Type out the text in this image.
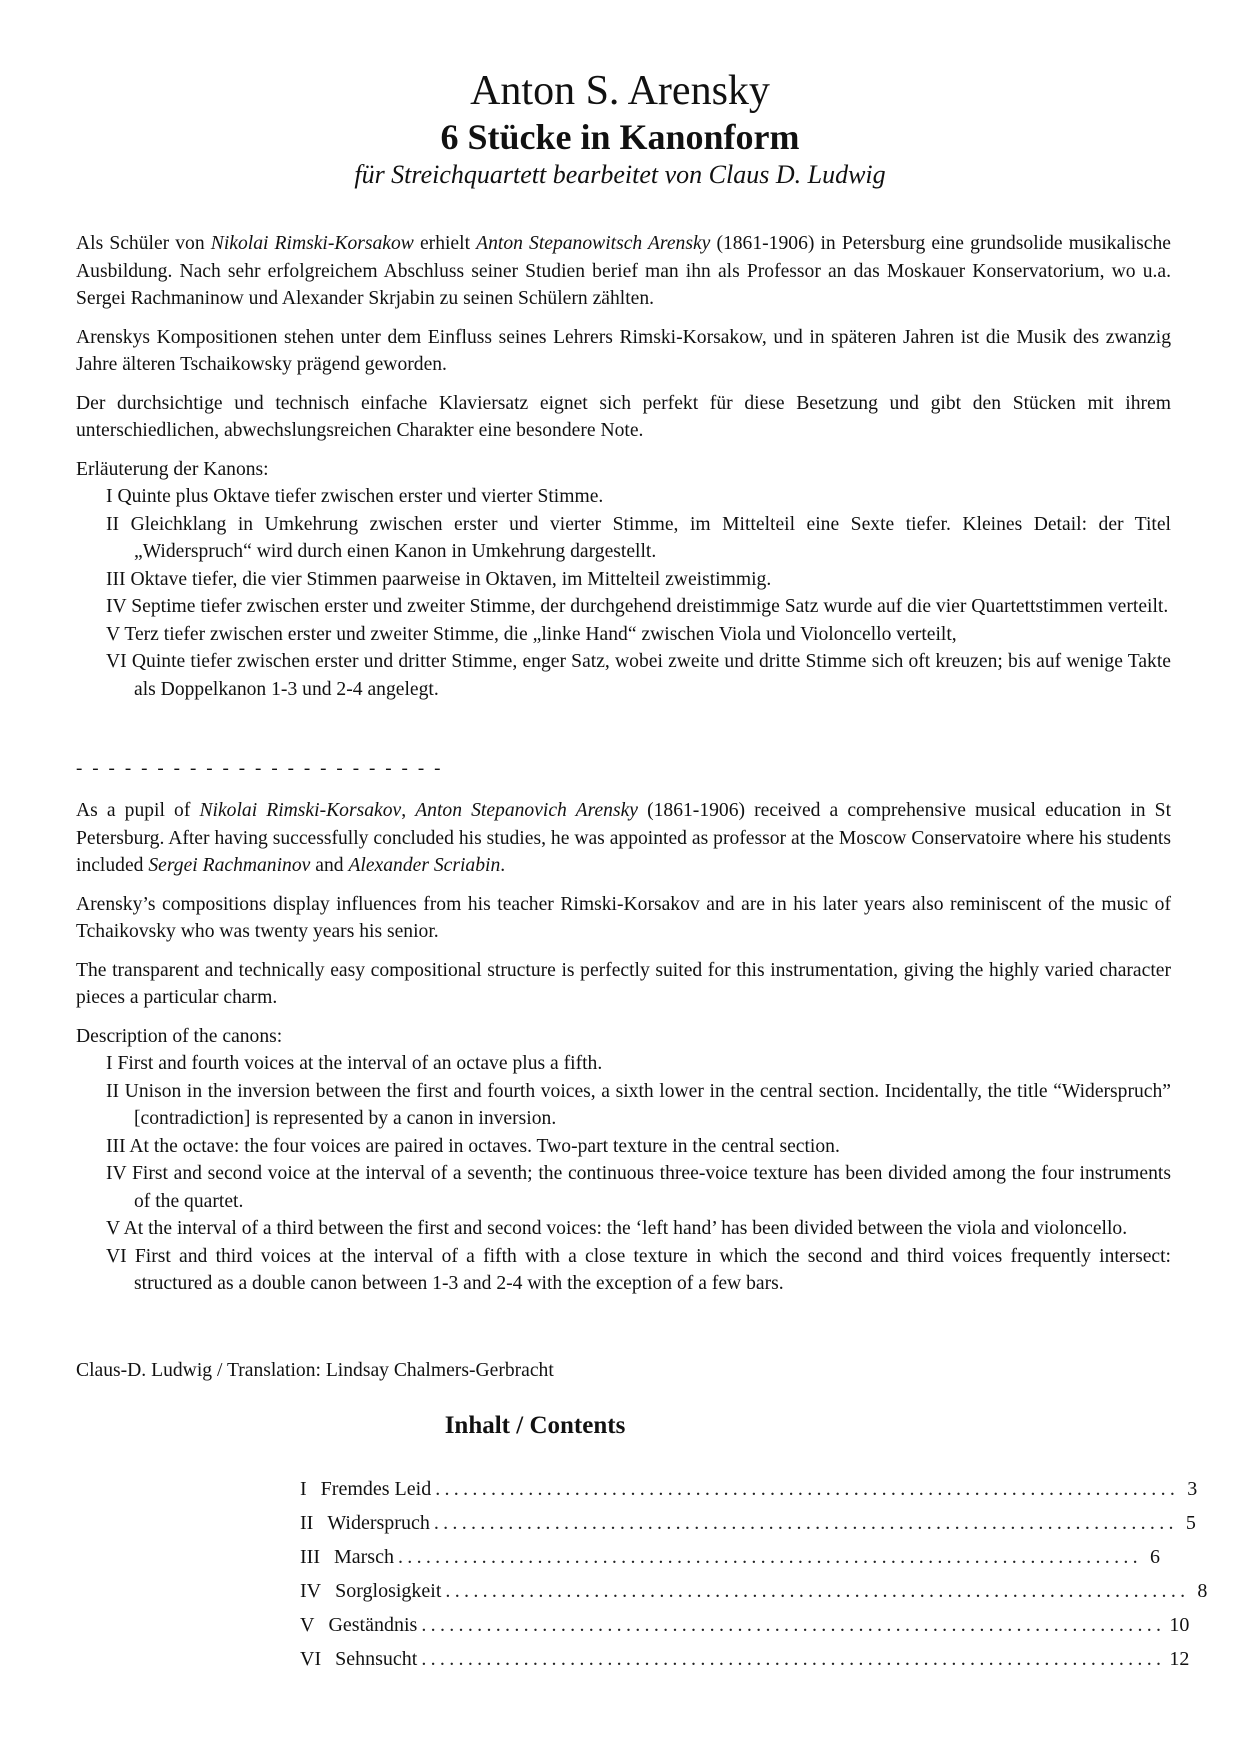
Anton S. Arensky
6 Stücke in Kanonform

für Streichquartett bearbeitet von Claus D. Ludwig

Als Schüler von Nikolai Rimski-Korsakow erhielt Anton Stepanowitsch Arensky (1861-1906) in Petersburg eine grundsolide musikalische Ausbildung. Nach sehr erfolgreichem Abschluss seiner Studien berief man ihn als Professor an das Moskauer Konservatorium, wo u.a. Sergei Rachmaninow und Alexander Skrjabin zu seinen Schülern zählten.

Arenskys Kompositionen stehen unter dem Einfluss seines Lehrers Rimski-Korsakow, und in späteren Jahren ist die Musik des zwanzig Jahre älteren Tschaikowsky prägend geworden.

Der durchsichtige und technisch einfache Klaviersatz eignet sich perfekt für diese Besetzung und gibt den Stücken mit ihrem unterschiedlichen, abwechslungsreichen Charakter eine besondere Note.

Erläuterung der Kanons:

I Quinte plus Oktave tiefer zwischen erster und vierter Stimme.
II Gleichklang in Umkehrung zwischen erster und vierter Stimme, im Mittelteil eine Sexte tiefer. Kleines Detail: der Titel „Widerspruch“ wird durch einen Kanon in Umkehrung dargestellt.
III Oktave tiefer, die vier Stimmen paarweise in Oktaven, im Mittelteil zweistimmig.
IV Septime tiefer zwischen erster und zweiter Stimme, der durchgehend dreistimmige Satz wurde auf die vier Quartettstimmen verteilt.
V Terz tiefer zwischen erster und zweiter Stimme, die „linke Hand“ zwischen Viola und Violoncello verteilt,
VI Quinte tiefer zwischen erster und dritter Stimme, enger Satz, wobei zweite und dritte Stimme sich oft kreuzen; bis auf wenige Takte als Doppelkanon 1-3 und 2-4 angelegt.
- - - - - - - - - - - - - - - - - - - - - - -

As a pupil of Nikolai Rimski-Korsakov, Anton Stepanovich Arensky (1861-1906) received a comprehensive musical education in St Petersburg. After having successfully concluded his studies, he was appointed as professor at the Moscow Conservatoire where his students included Sergei Rachmaninov and Alexander Scriabin.

Arensky’s compositions display influences from his teacher Rimski-Korsakov and are in his later years also reminiscent of the music of Tchaikovsky who was twenty years his senior.

The transparent and technically easy compositional structure is perfectly suited for this instrumentation, giving the highly varied character pieces a particular charm.

Description of the canons:

I First and fourth voices at the interval of an octave plus a fifth.
II Unison in the inversion between the first and fourth voices, a sixth lower in the central section. Incidentally, the title “Widerspruch” [contradiction] is represented by a canon in inversion.
III At the octave: the four voices are paired in octaves. Two-part texture in the central section.
IV First and second voice at the interval of a seventh; the continuous three-voice texture has been divided among the four instruments of the quartet.
V At the interval of a third between the first and second voices: the ‘left hand’ has been divided between the viola and violoncello.
VI First and third voices at the interval of a fifth with a close texture in which the second and third voices frequently intersect: structured as a double canon between 1-3 and 2-4 with the exception of a few bars.

Claus-D. Ludwig / Translation: Lindsay Chalmers-Gerbracht

Inhalt / Contents
I Fremdes Leid ................................................................................ 3
II Widerspruch ................................................................................ 5
III Marsch ................................................................................ 6
IV Sorglosigkeit ................................................................................ 8
V Geständnis ................................................................................ 10
VI Sehnsucht ................................................................................ 12
